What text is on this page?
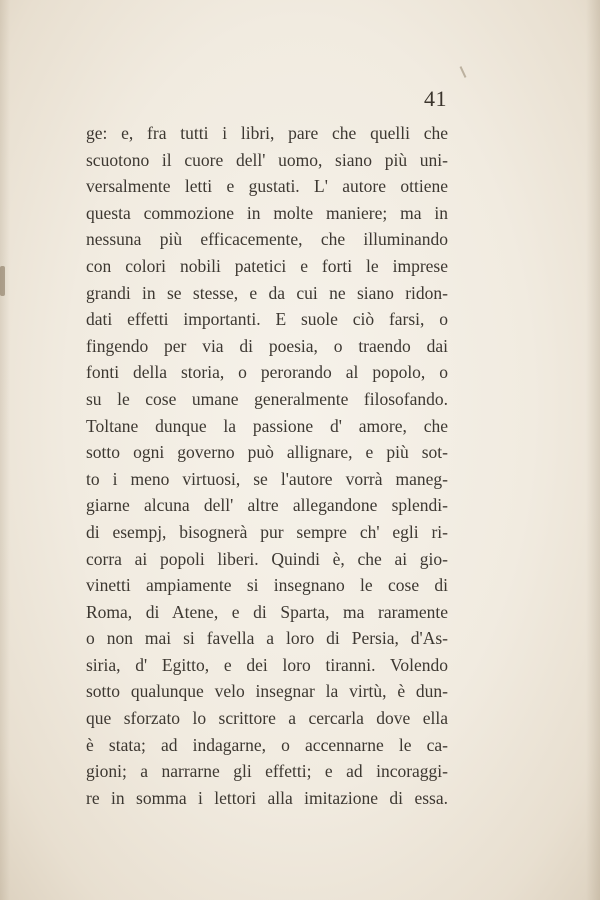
41
ge: e, fra tutti i libri, pare che quelli che
scuotono il cuore dell' uomo, siano più uni-
versalmente letti e gustati. L' autore ottiene
questa commozione in molte maniere; ma in
nessuna più efficacemente, che illuminando
con colori nobili patetici e forti le imprese
grandi in se stesse, e da cui ne siano ridon-
dati effetti importanti. E suole ciò farsi, o
fingendo per via di poesia, o traendo dai
fonti della storia, o perorando al popolo, o
su le cose umane generalmente filosofando.
Toltane dunque la passione d' amore, che
sotto ogni governo può allignare, e più sot-
to i meno virtuosi, se l'autore vorrà maneg-
giarne alcuna dell' altre allegandone splendi-
di esempj, bisognerà pur sempre ch' egli ri-
corra ai popoli liberi. Quindi è, che ai gio-
vinetti ampiamente si insegnano le cose di
Roma, di Atene, e di Sparta, ma raramente
o non mai si favella a loro di Persia, d'As-
siria, d' Egitto, e dei loro tiranni. Volendo
sotto qualunque velo insegnar la virtù, è dun-
que sforzato lo scrittore a cercarla dove ella
è stata; ad indagarne, o accennarne le ca-
gioni; a narrarne gli effetti; e ad incoraggi-
re in somma i lettori alla imitazione di essa.
